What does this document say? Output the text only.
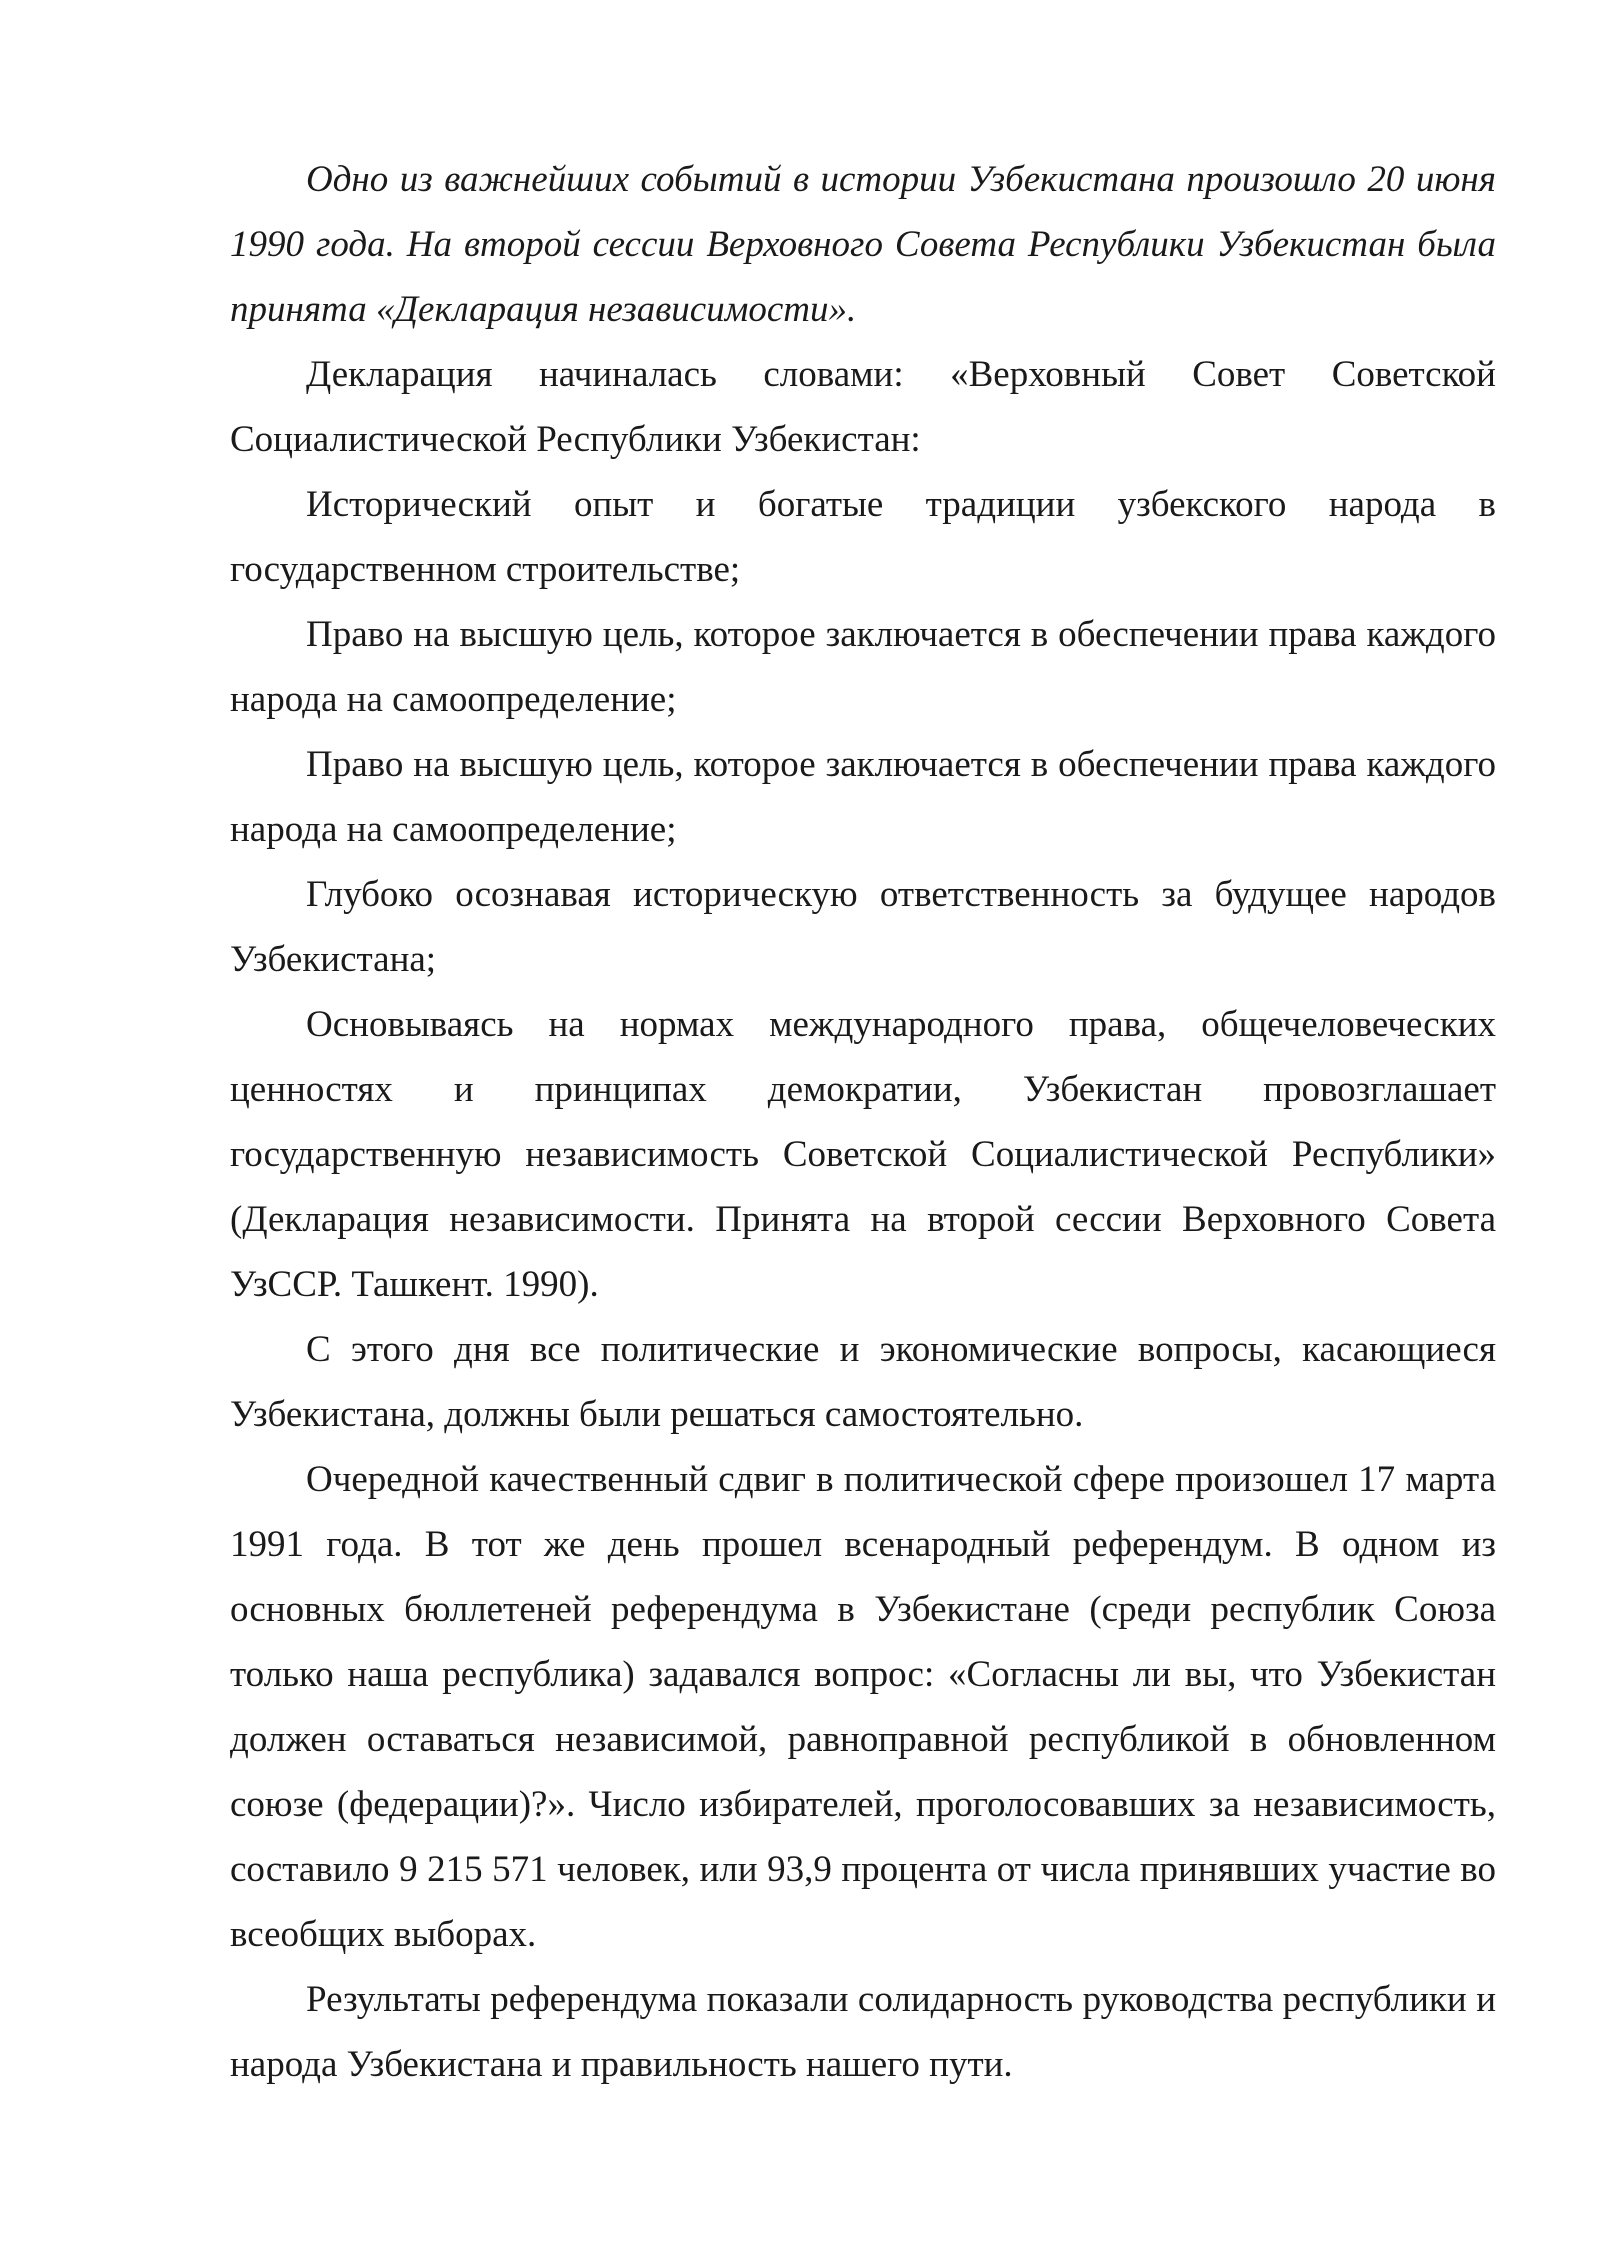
Одно из важнейших событий в истории Узбекистана произошло 20 июня 1990 года. На второй сессии Верховного Совета Республики Узбекистан была принята «Декларация независимости».

Декларация начиналась словами: «Верховный Совет Советской Социалистической Республики Узбекистан:

Исторический опыт и богатые традиции узбекского народа в государственном строительстве;

Право на высшую цель, которое заключается в обеспечении права каждого народа на самоопределение;

Право на высшую цель, которое заключается в обеспечении права каждого народа на самоопределение;

Глубоко осознавая историческую ответственность за будущее народов Узбекистана;

Основываясь на нормах международного права, общечеловеческих ценностях и принципах демократии, Узбекистан провозглашает государственную независимость Советской Социалистической Республики» (Декларация независимости. Принята на второй сессии Верховного Совета УзССР. Ташкент. 1990).

С этого дня все политические и экономические вопросы, касающиеся Узбекистана, должны были решаться самостоятельно.

Очередной качественный сдвиг в политической сфере произошел 17 марта 1991 года. В тот же день прошел всенародный референдум. В одном из основных бюллетеней референдума в Узбекистане (среди республик Союза только наша республика) задавался вопрос: «Согласны ли вы, что Узбекистан должен оставаться независимой, равноправной республикой в обновленном союзе (федерации)?». Число избирателей, проголосовавших за независимость, составило 9 215 571 человек, или 93,9 процента от числа принявших участие во всеобщих выборах.

Результаты референдума показали солидарность руководства республики и народа Узбекистана и правильность нашего пути.
